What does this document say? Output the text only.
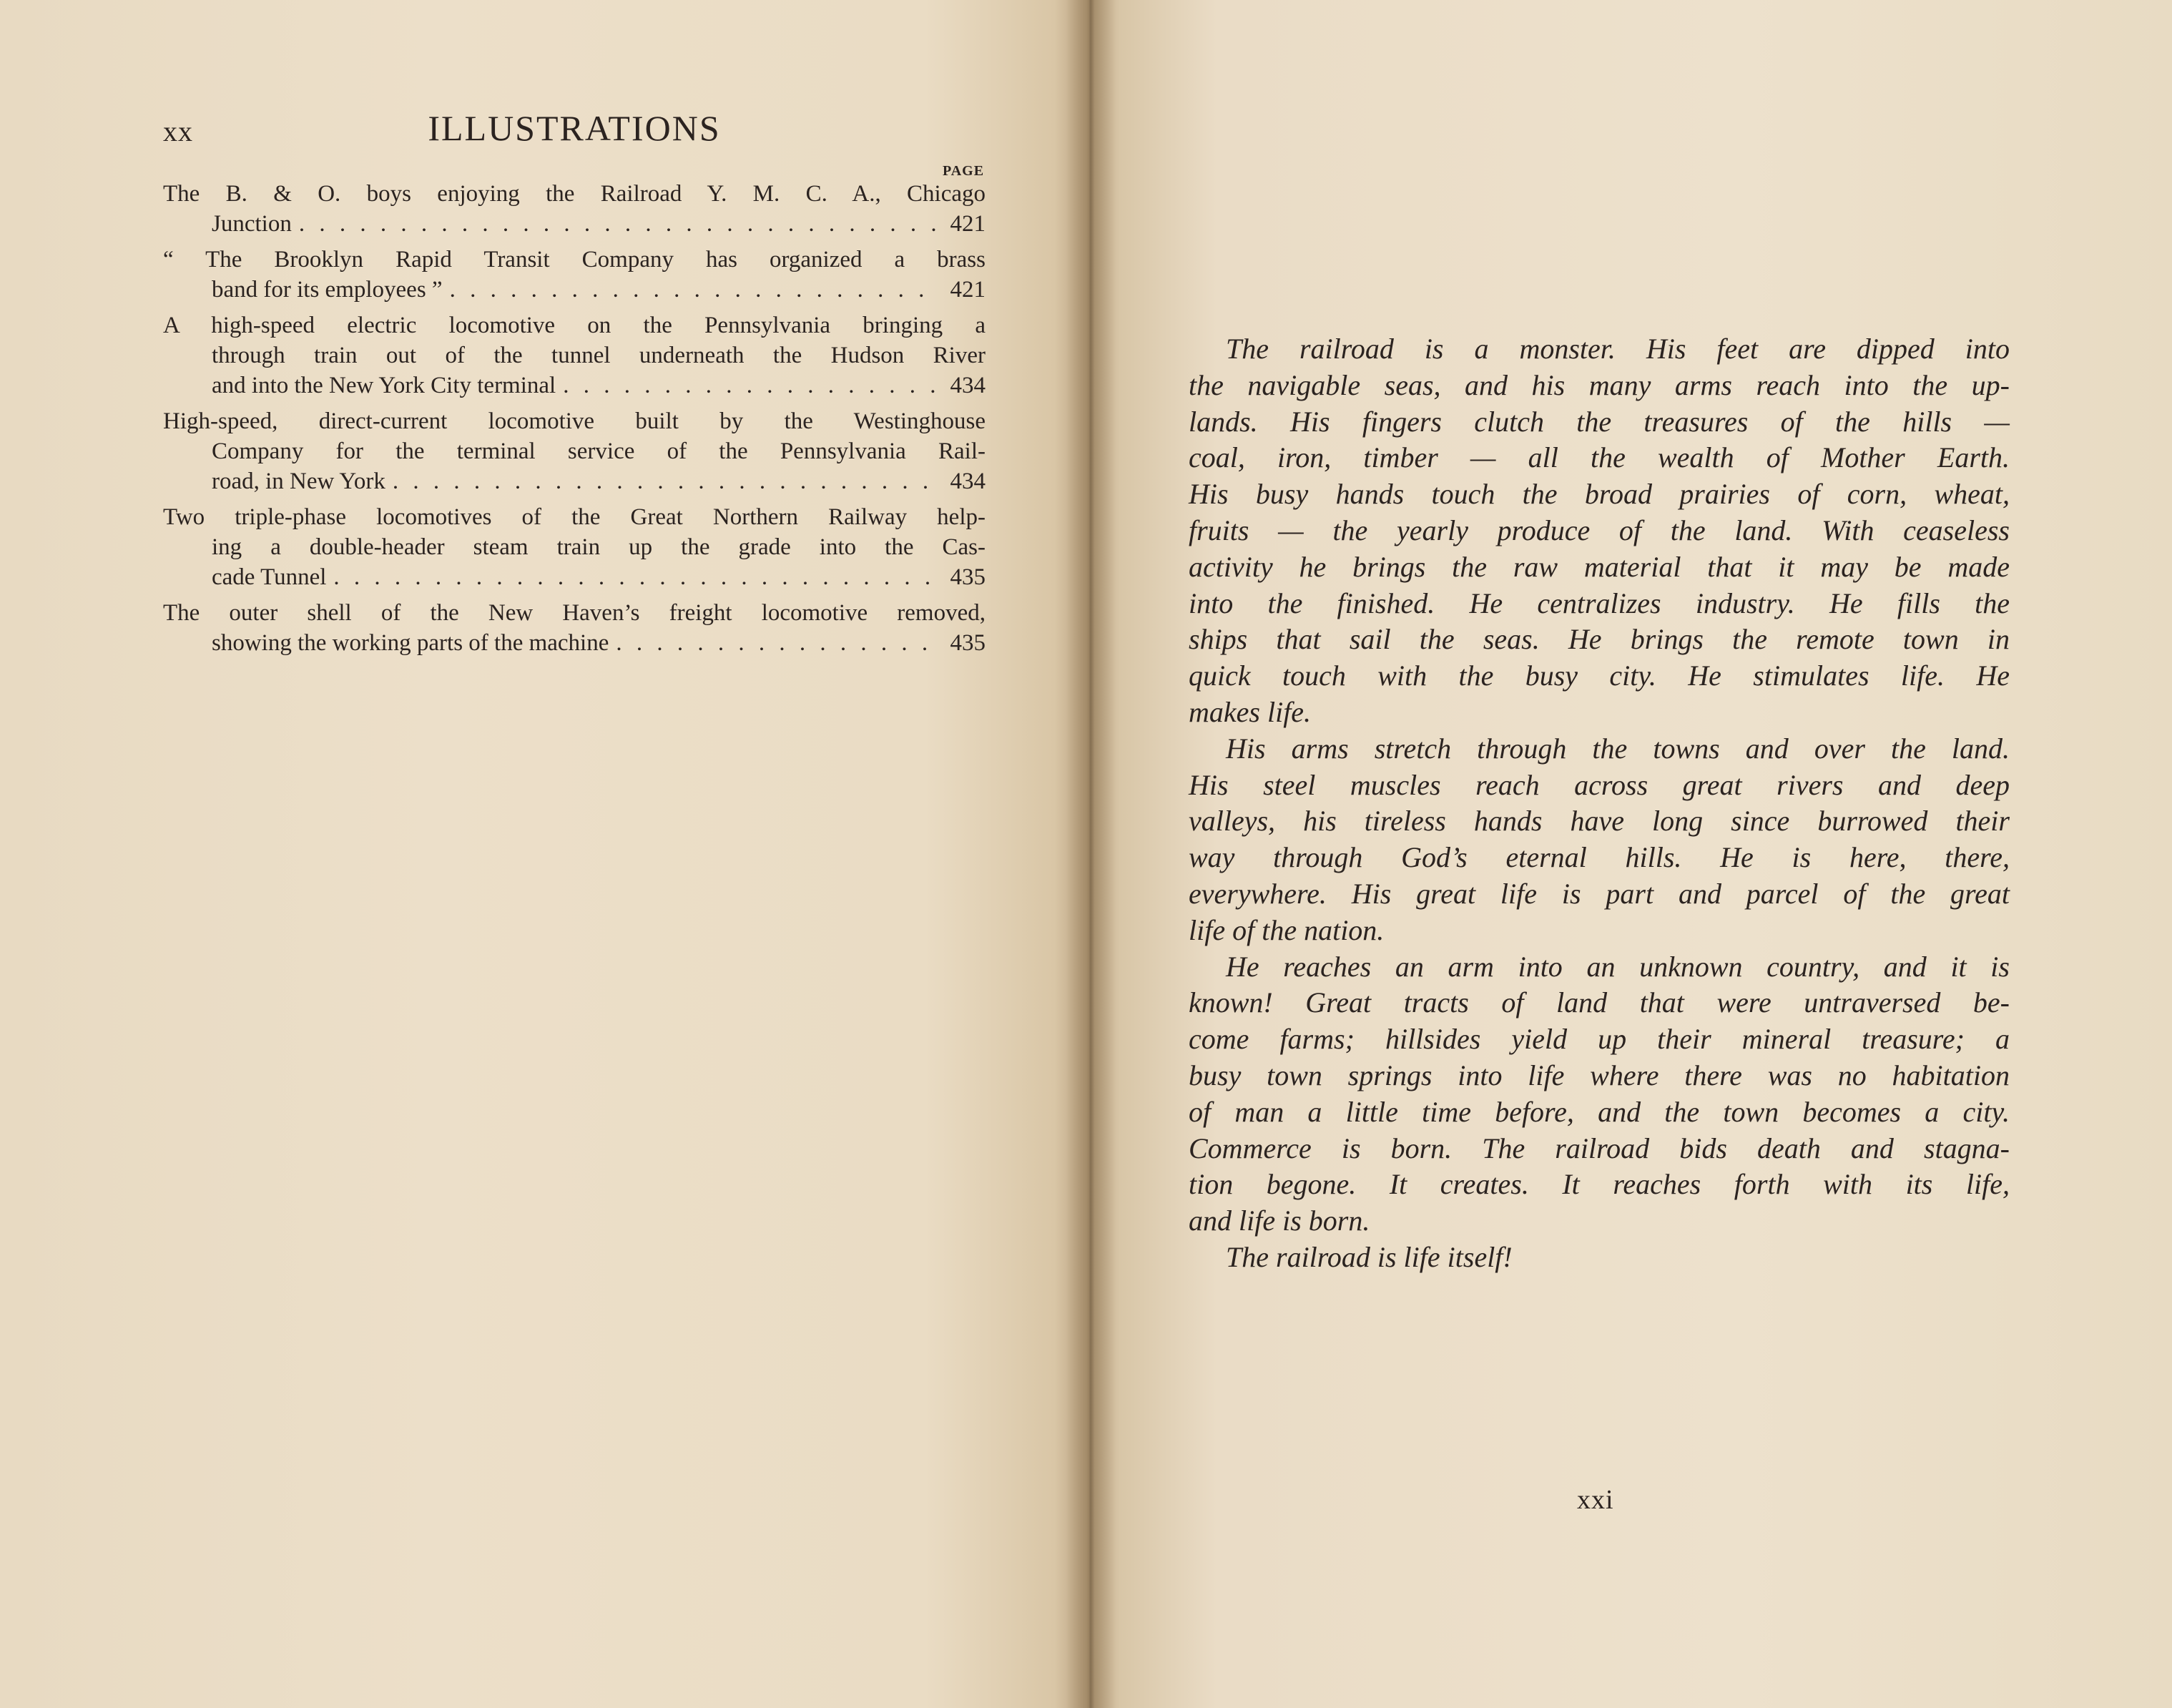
xx	ILLUSTRATIONS
PAGE
The B. & O. boys enjoying the Railroad Y. M. C. A., Chicago
Junction . . .	421
“ The Brooklyn Rapid Transit Company has organized a brass
band for its employees ” . . .	421
A high-speed electric locomotive on the Pennsylvania bringing a
through train out of the tunnel underneath the Hudson River
and into the New York City terminal . . .	434
High-speed, direct-current locomotive built by the Westinghouse
Company for the terminal service of the Pennsylvania Rail-
road, in New York . . .	434
Two triple-phase locomotives of the Great Northern Railway help-
ing a double-header steam train up the grade into the Cas-
cade Tunnel . . .	435
The outer shell of the New Haven’s freight locomotive removed,
showing the working parts of the machine . . .	435
The railroad is a monster. His feet are dipped into
the navigable seas, and his many arms reach into the up-
lands. His fingers clutch the treasures of the hills —
coal, iron, timber — all the wealth of Mother Earth.
His busy hands touch the broad prairies of corn, wheat,
fruits — the yearly produce of the land. With ceaseless
activity he brings the raw material that it may be made
into the finished. He centralizes industry. He fills the
ships that sail the seas. He brings the remote town in
quick touch with the busy city. He stimulates life. He
makes life.
His arms stretch through the towns and over the land.
His steel muscles reach across great rivers and deep
valleys, his tireless hands have long since burrowed their
way through God’s eternal hills. He is here, there,
everywhere. His great life is part and parcel of the great
life of the nation.
He reaches an arm into an unknown country, and it is
known! Great tracts of land that were untraversed be-
come farms; hillsides yield up their mineral treasure; a
busy town springs into life where there was no habitation
of man a little time before, and the town becomes a city.
Commerce is born. The railroad bids death and stagna-
tion begone. It creates. It reaches forth with its life,
and life is born.
The railroad is life itself!
xxi
